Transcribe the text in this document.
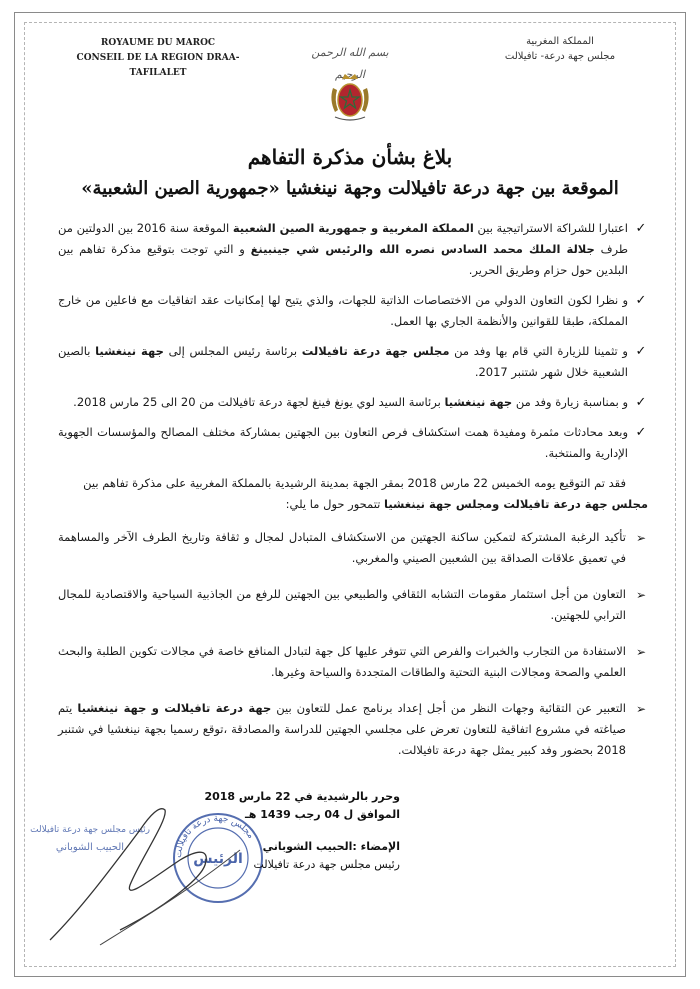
ROYAUME DU MAROC
CONSEIL DE LA REGION DRAA- TAFILALET
المملكة المغربية
مجلس جهة درعة- تافيلالت
بسم الله الرحمن الرحيم
بلاغ بشأن مذكرة التفاهم
الموقعة بين جهة درعة تافيلالت وجهة نينغشيا «جمهورية الصين الشعبية»
✓
اعتبارا للشراكة الاستراتيجية بين المملكة المغربية و جمهورية الصين الشعبية الموقعة سنة 2016 بين الدولتين من طرف جلالة الملك محمد السادس نصره الله والرئيس شي جينبينغ و التي توجت بتوقيع مذكرة تفاهم بين البلدين حول حزام وطريق الحرير.
✓
و نظرا لكون التعاون الدولي من الاختصاصات الذاتية للجهات، والذي يتيح لها إمكانيات عقد اتفاقيات مع فاعلين من خارج المملكة، طبقا للقوانين والأنظمة الجاري بها العمل.
✓
و تثمينا للزيارة التي قام بها وفد من مجلس جهة درعة تافيلالت برئاسة رئيس المجلس إلى جهة نينغشيا بالصين الشعبية خلال شهر شتنبر 2017.
✓
و بمناسبة زيارة وفد من جهة نينغشيا برئاسة السيد لوي يونغ فينغ لجهة درعة تافيلالت من 20 الى 25 مارس 2018.
✓
وبعد محادثات مثمرة ومفيدة همت استكشاف فرص التعاون بين الجهتين بمشاركة مختلف المصالح والمؤسسات الجهوية الإدارية والمنتخبة.
فقد تم التوقيع يومه الخميس 22 مارس 2018 بمقر الجهة بمدينة الرشيدية بالمملكة المغربية على مذكرة تفاهم بين
مجلس جهة درعة تافيلالت ومجلس جهة نينغشيا تتمحور حول ما يلي:
➢
تأكيد الرغبة المشتركة لتمكين ساكنة الجهتين من الاستكشاف المتبادل لمجال و ثقافة وتاريخ الطرف الآخر والمساهمة في تعميق علاقات الصداقة بين الشعبين الصيني والمغربي.
➢
التعاون من أجل استثمار مقومات التشابه الثقافي والطبيعي بين الجهتين للرفع من الجاذبية السياحية والاقتصادية للمجال الترابي للجهتين.
➢
الاستفادة من التجارب والخبرات والفرص التي تتوفر عليها كل جهة لتبادل المنافع خاصة في مجالات تكوين الطلبة والبحث العلمي والصحة ومجالات البنية التحتية والطاقات المتجددة والسياحة وغيرها.
➢
التعبير عن التقائية وجهات النظر من أجل إعداد برنامج عمل للتعاون بين جهة درعة تافيلالت و جهة نينغشيا يتم صياغته في مشروع اتفاقية للتعاون تعرض على مجلسي الجهتين للدراسة والمصادقة ،توقع رسميا بجهة نينغشيا في شتنبر 2018 بحضور وفد كبير يمثل جهة درعة تافيلالت.
رئيس مجلس جهة درعة تافيلالت
الحبيب الشوباني
مجلس جهة درعة تافيلالت
الرئيس
وحرر بالرشيدية في 22 مارس 2018
الموافق ل 04 رجب 1439 هـ
الإمضاء :الحبيب الشوباني
رئيس مجلس جهة درعة تافيلالت
